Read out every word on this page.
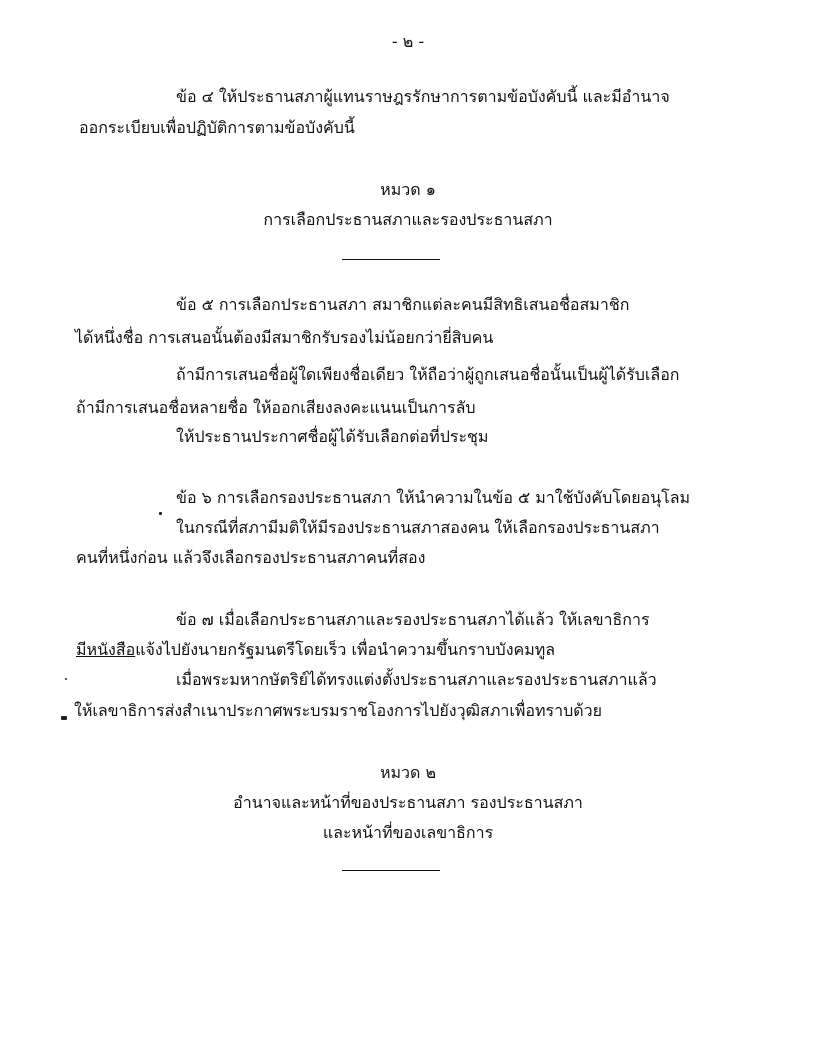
- ๒ -
ข้อ ๔ ให้ประธานสภาผู้แทนราษฎรรักษาการตามข้อบังคับนี้ และมีอำนาจ
ออกระเบียบเพื่อปฏิบัติการตามข้อบังคับนี้
หมวด ๑
การเลือกประธานสภาและรองประธานสภา
ข้อ ๕ การเลือกประธานสภา สมาชิกแต่ละคนมีสิทธิเสนอชื่อสมาชิก
ได้หนึ่งชื่อ การเสนอนั้นต้องมีสมาชิกรับรองไม่น้อยกว่ายี่สิบคน
ถ้ามีการเสนอชื่อผู้ใดเพียงชื่อเดียว ให้ถือว่าผู้ถูกเสนอชื่อนั้นเป็นผู้ได้รับเลือก
ถ้ามีการเสนอชื่อหลายชื่อ ให้ออกเสียงลงคะแนนเป็นการลับ
ให้ประธานประกาศชื่อผู้ได้รับเลือกต่อที่ประชุม
ข้อ ๖ การเลือกรองประธานสภา ให้นำความในข้อ ๕ มาใช้บังคับโดยอนุโลม
ในกรณีที่สภามีมติให้มีรองประธานสภาสองคน ให้เลือกรองประธานสภา
คนที่หนึ่งก่อน แล้วจึงเลือกรองประธานสภาคนที่สอง
ข้อ ๗ เมื่อเลือกประธานสภาและรองประธานสภาได้แล้ว ให้เลขาธิการ
มีหนังสือแจ้งไปยังนายกรัฐมนตรีโดยเร็ว เพื่อนำความขึ้นกราบบังคมทูล
เมื่อพระมหากษัตริย์ได้ทรงแต่งตั้งประธานสภาและรองประธานสภาแล้ว
ให้เลขาธิการส่งสำเนาประกาศพระบรมราชโองการไปยังวุฒิสภาเพื่อทราบด้วย
หมวด ๒
อำนาจและหน้าที่ของประธานสภา รองประธานสภา
และหน้าที่ของเลขาธิการ
